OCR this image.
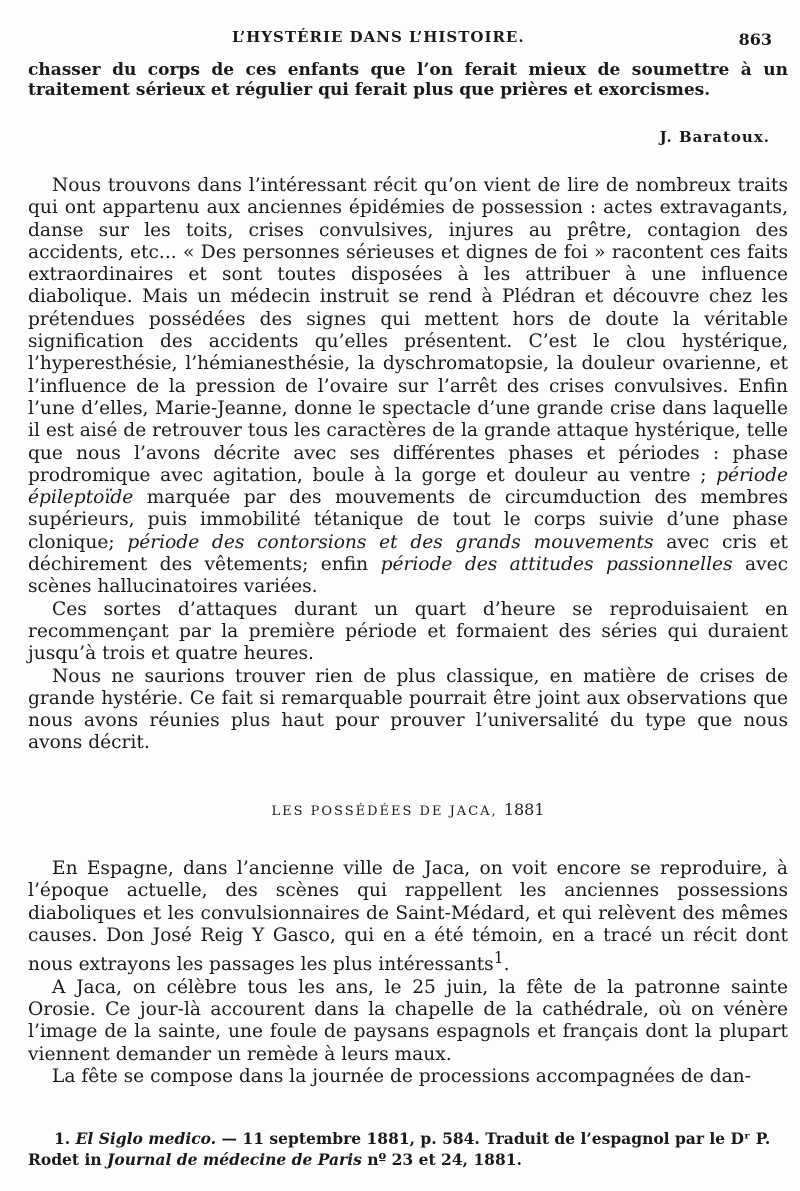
L’HYSTÉRIE DANS L’HISTOIRE.	863

chasser du corps de ces enfants que l’on ferait mieux de soumettre à un traitement sérieux et régulier qui ferait plus que prières et exorcismes.

J. Baratoux.

Nous trouvons dans l’intéressant récit qu’on vient de lire de nombreux traits qui ont appartenu aux anciennes épidémies de possession : actes extravagants, danse sur les toits, crises convulsives, injures au prêtre, contagion des accidents, etc... « Des personnes sérieuses et dignes de foi » racontent ces faits extraordinaires et sont toutes disposées à les attribuer à une influence diabolique. Mais un médecin instruit se rend à Plédran et découvre chez les prétendues possédées des signes qui mettent hors de doute la véritable signification des accidents qu’elles présentent. C’est le clou hystérique, l’hyperesthésie, l’hémianesthésie, la dyschromatopsie, la douleur ovarienne, et l’influence de la pression de l’ovaire sur l’arrêt des crises convulsives. Enfin l’une d’elles, Marie-Jeanne, donne le spectacle d’une grande crise dans laquelle il est aisé de retrouver tous les caractères de la grande attaque hystérique, telle que nous l’avons décrite avec ses différentes phases et périodes : phase prodromique avec agitation, boule à la gorge et douleur au ventre ; période épileptoïde marquée par des mouvements de circumduction des membres supérieurs, puis immobilité tétanique de tout le corps suivie d’une phase clonique; période des contorsions et des grands mouvements avec cris et déchirement des vêtements; enfin période des attitudes passionnelles avec scènes hallucinatoires variées.

Ces sortes d’attaques durant un quart d’heure se reproduisaient en recommençant par la première période et formaient des séries qui duraient jusqu’à trois et quatre heures.

Nous ne saurions trouver rien de plus classique, en matière de crises de grande hystérie. Ce fait si remarquable pourrait être joint aux observations que nous avons réunies plus haut pour prouver l’universalité du type que nous avons décrit.

LES POSSÉDÉES DE JACA, 1881

En Espagne, dans l’ancienne ville de Jaca, on voit encore se reproduire, à l’époque actuelle, des scènes qui rappellent les anciennes possessions diaboliques et les convulsionnaires de Saint-Médard, et qui relèvent des mêmes causes. Don José Reig Y Gasco, qui en a été témoin, en a tracé un récit dont nous extrayons les passages les plus intéressants$^1$.

A Jaca, on célèbre tous les ans, le 25 juin, la fête de la patronne sainte Orosie. Ce jour-là accourent dans la chapelle de la cathédrale, où on vénère l’image de la sainte, une foule de paysans espagnols et français dont la plupart viennent demander un remède à leurs maux.

La fête se compose dans la journée de processions accompagnées de dan-

1. El Siglo medico. — 11 septembre 1881, p. 584. Traduit de l’espagnol par le Dʳ P. Rodet in Journal de médecine de Paris nº 23 et 24, 1881.
